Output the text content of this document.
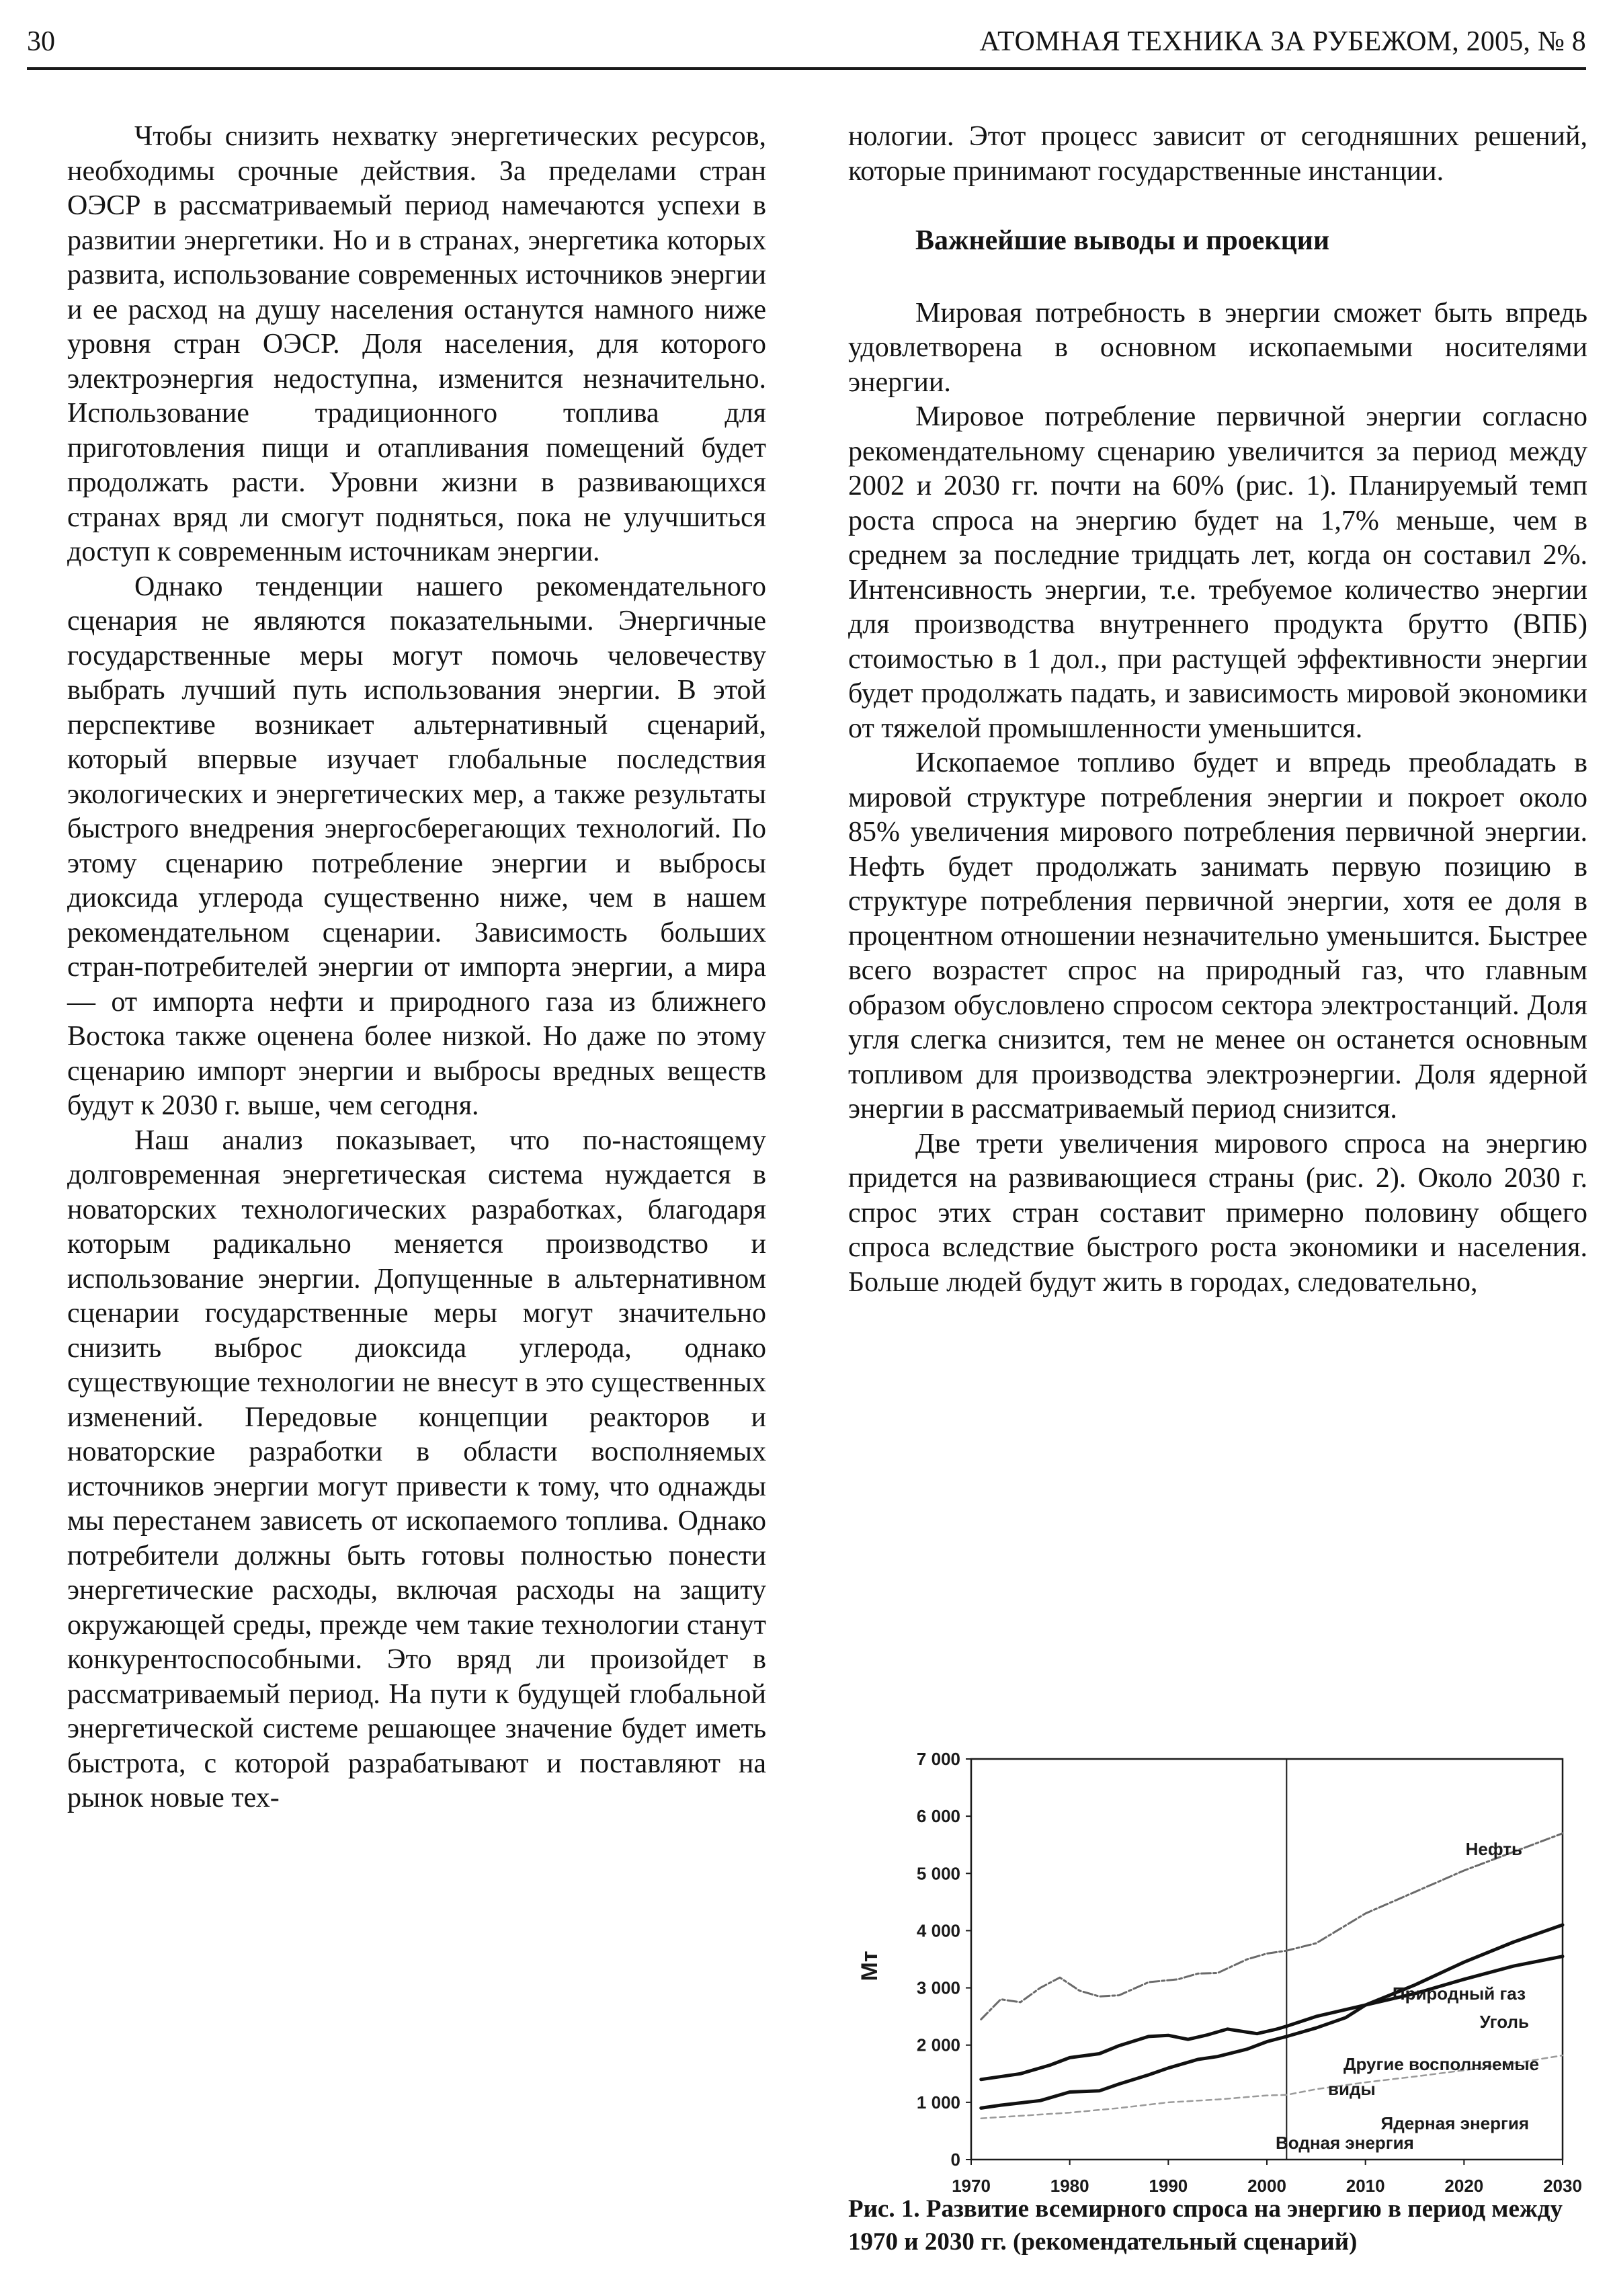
30	АТОМНАЯ ТЕХНИКА ЗА РУБЕЖОМ, 2005, № 8

Чтобы снизить нехватку энергетических ресурсов, необходимы срочные действия. За пределами стран ОЭСР в рассматриваемый период намечаются успехи в развитии энергетики. Но и в странах, энергетика которых развита, использование современных источников энергии и ее расход на душу населения останутся намного ниже уровня стран ОЭСР. Доля населения, для которого электроэнергия недоступна, изменится незначительно. Использование традиционного топлива для приготовления пищи и отапливания помещений будет продолжать расти. Уровни жизни в развивающихся странах вряд ли смогут подняться, пока не улучшиться доступ к современным источникам энергии.

Однако тенденции нашего рекомендательного сценария не являются показательными. Энергичные государственные меры могут помочь человечеству выбрать лучший путь использования энергии. В этой перспективе возникает альтернативный сценарий, который впервые изучает глобальные последствия экологических и энергетических мер, а также результаты быстрого внедрения энергосберегающих технологий. По этому сценарию потребление энергии и выбросы диоксида углерода существенно ниже, чем в нашем рекомендательном сценарии. Зависимость больших стран-потребителей энергии от импорта энергии, а мира — от импорта нефти и природного газа из ближнего Востока также оценена более низкой. Но даже по этому сценарию импорт энергии и выбросы вредных веществ будут к 2030 г. выше, чем сегодня.

Наш анализ показывает, что по-настоящему долговременная энергетическая система нуждается в новаторских технологических разработках, благодаря которым радикально меняется производство и использование энергии. Допущенные в альтернативном сценарии государственные меры могут значительно снизить выброс диоксида углерода, однако существующие технологии не внесут в это существенных изменений. Передовые концепции реакторов и новаторские разработки в области восполняемых источников энергии могут привести к тому, что однажды мы перестанем зависеть от ископаемого топлива. Однако потребители должны быть готовы полностью понести энергетические расходы, включая расходы на защиту окружающей среды, прежде чем такие технологии станут конкурентоспособными. Это вряд ли произойдет в рассматриваемый период. На пути к будущей глобальной энергетической системе решающее значение будет иметь быстрота, с которой разрабатывают и поставляют на рынок новые тех-

нологии. Этот процесс зависит от сегодняшних решений, которые принимают государственные инстанции.

Важнейшие выводы и проекции

Мировая потребность в энергии сможет быть впредь удовлетворена в основном ископаемыми носителями энергии.

Мировое потребление первичной энергии согласно рекомендательному сценарию увеличится за период между 2002 и 2030 гг. почти на 60% (рис. 1). Планируемый темп роста спроса на энергию будет на 1,7% меньше, чем в среднем за последние тридцать лет, когда он составил 2%. Интенсивность энергии, т.е. требуемое количество энергии для производства внутреннего продукта брутто (ВПБ) стоимостью в 1 дол., при растущей эффективности энергии будет продолжать падать, и зависимость мировой экономики от тяжелой промышленности уменьшится.

Ископаемое топливо будет и впредь преобладать в мировой структуре потребления энергии и покроет около 85% увеличения мирового потребления первичной энергии. Нефть будет продолжать занимать первую позицию в структуре потребления первичной энергии, хотя ее доля в процентном отношении незначительно уменьшится. Быстрее всего возрастет спрос на природный газ, что главным образом обусловлено спросом сектора электростанций. Доля угля слегка снизится, тем не менее он останется основным топливом для производства электроэнергии. Доля ядерной энергии в рассматриваемый период снизится.

Две трети увеличения мирового спроса на энергию придется на развивающиеся страны (рис. 2). Около 2030 г. спрос этих стран составит примерно половину общего спроса вследствие быстрого роста экономики и населения. Больше людей будут жить в городах, следовательно,

0
1 000
2 000
3 000
4 000
5 000
6 000
7 000
1970	1980	1990	2000	2010	2020	2030
Мт
Нефть
Природный газ
Уголь
Другие восполняемые
виды
Ядерная энергия
Водная энергия
Рис. 1. Развитие всемирного спроса на энергию в период между 1970 и 2030 гг. (рекомендательный сценарий)
